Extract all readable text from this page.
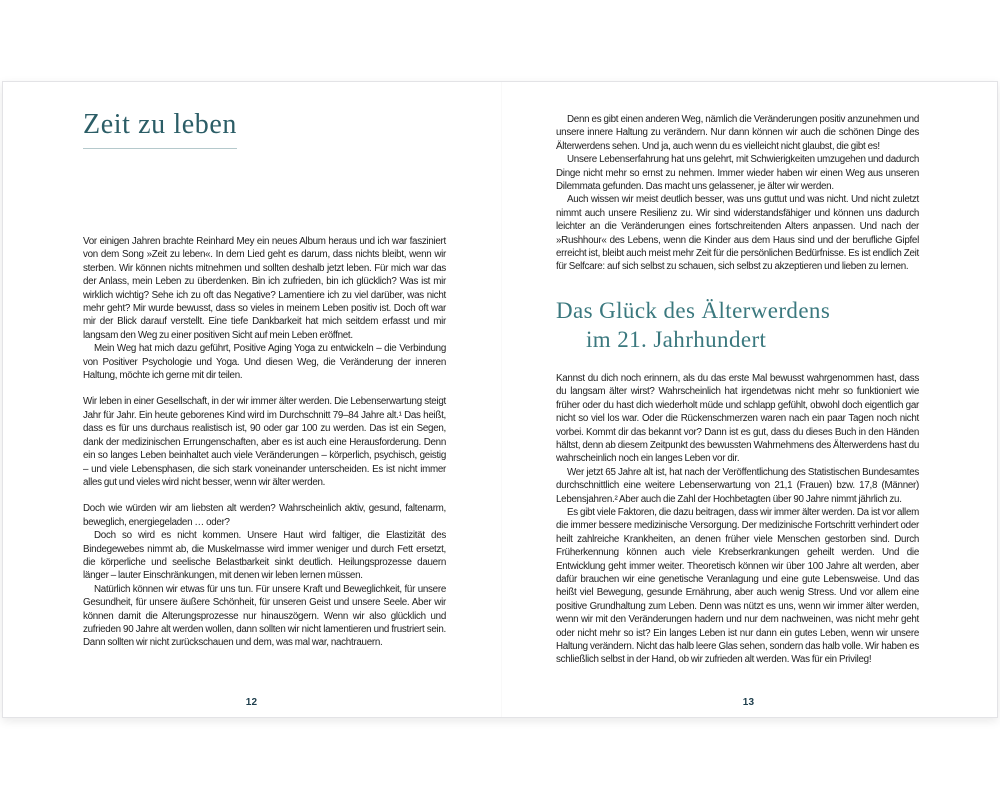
Zeit zu leben

Vor einigen Jahren brachte Reinhard Mey ein neues Album heraus und ich war fasziniert von dem Song »Zeit zu leben«. In dem Lied geht es darum, dass nichts bleibt, wenn wir sterben. Wir können nichts mitnehmen und sollten deshalb jetzt leben. Für mich war das der Anlass, mein Leben zu überdenken. Bin ich zufrieden, bin ich glücklich? Was ist mir wirklich wichtig? Sehe ich zu oft das Negative? Lamentiere ich zu viel darüber, was nicht mehr geht? Mir wurde bewusst, dass so vieles in meinem Leben positiv ist. Doch oft war mir der Blick darauf verstellt. Eine tiefe Dankbarkeit hat mich seitdem erfasst und mir langsam den Weg zu einer positiven Sicht auf mein Leben eröffnet.

Mein Weg hat mich dazu geführt, Positive Aging Yoga zu entwickeln – die Verbindung von Positiver Psychologie und Yoga. Und diesen Weg, die Veränderung der inneren Haltung, möchte ich gerne mit dir teilen.

Wir leben in einer Gesellschaft, in der wir immer älter werden. Die Lebenserwartung steigt Jahr für Jahr. Ein heute geborenes Kind wird im Durchschnitt 79–84 Jahre alt.¹ Das heißt, dass es für uns durchaus realistisch ist, 90 oder gar 100 zu werden. Das ist ein Segen, dank der medizinischen Errungenschaften, aber es ist auch eine Herausforderung. Denn ein so langes Leben beinhaltet auch viele Veränderungen – körperlich, psychisch, geistig – und viele Lebensphasen, die sich stark voneinander unterscheiden. Es ist nicht immer alles gut und vieles wird nicht besser, wenn wir älter werden.

Doch wie würden wir am liebsten alt werden? Wahrscheinlich aktiv, gesund, faltenarm, beweglich, energiegeladen … oder?

Doch so wird es nicht kommen. Unsere Haut wird faltiger, die Elastizität des Bindegewebes nimmt ab, die Muskelmasse wird immer weniger und durch Fett ersetzt, die körperliche und seelische Belastbarkeit sinkt deutlich. Heilungsprozesse dauern länger – lauter Einschränkungen, mit denen wir leben lernen müssen.

Natürlich können wir etwas für uns tun. Für unsere Kraft und Beweglichkeit, für unsere Gesundheit, für unsere äußere Schönheit, für unseren Geist und unsere Seele. Aber wir können damit die Alterungsprozesse nur hinauszögern. Wenn wir also glücklich und zufrieden 90 Jahre alt werden wollen, dann sollten wir nicht lamentieren und frustriert sein. Dann sollten wir nicht zurückschauen und dem, was mal war, nachtrauern.

12

Denn es gibt einen anderen Weg, nämlich die Veränderungen positiv anzunehmen und unsere innere Haltung zu verändern. Nur dann können wir auch die schönen Dinge des Älterwerdens sehen. Und ja, auch wenn du es vielleicht nicht glaubst, die gibt es!

Unsere Lebenserfahrung hat uns gelehrt, mit Schwierigkeiten umzugehen und dadurch Dinge nicht mehr so ernst zu nehmen. Immer wieder haben wir einen Weg aus unseren Dilemmata gefunden. Das macht uns gelassener, je älter wir werden.

Auch wissen wir meist deutlich besser, was uns guttut und was nicht. Und nicht zuletzt nimmt auch unsere Resilienz zu. Wir sind widerstandsfähiger und können uns dadurch leichter an die Veränderungen eines fortschreitenden Alters anpassen. Und nach der »Rushhour« des Lebens, wenn die Kinder aus dem Haus sind und der berufliche Gipfel erreicht ist, bleibt auch meist mehr Zeit für die persönlichen Bedürfnisse. Es ist endlich Zeit für Selfcare: auf sich selbst zu schauen, sich selbst zu akzeptieren und lieben zu lernen.

Das Glück des Älterwerdens
im 21. Jahrhundert

Kannst du dich noch erinnern, als du das erste Mal bewusst wahrgenommen hast, dass du langsam älter wirst? Wahrscheinlich hat irgendetwas nicht mehr so funktioniert wie früher oder du hast dich wiederholt müde und schlapp gefühlt, obwohl doch eigentlich gar nicht so viel los war. Oder die Rückenschmerzen waren nach ein paar Tagen noch nicht vorbei. Kommt dir das bekannt vor? Dann ist es gut, dass du dieses Buch in den Händen hältst, denn ab diesem Zeitpunkt des bewussten Wahrnehmens des Älterwerdens hast du wahrscheinlich noch ein langes Leben vor dir.

Wer jetzt 65 Jahre alt ist, hat nach der Veröffentlichung des Statistischen Bundesamtes durchschnittlich eine weitere Lebenserwartung von 21,1 (Frauen) bzw. 17,8 (Männer) Lebensjahren.² Aber auch die Zahl der Hochbetagten über 90 Jahre nimmt jährlich zu.

Es gibt viele Faktoren, die dazu beitragen, dass wir immer älter werden. Da ist vor allem die immer bessere medizinische Versorgung. Der medizinische Fortschritt verhindert oder heilt zahlreiche Krankheiten, an denen früher viele Menschen gestorben sind. Durch Früherkennung können auch viele Krebserkrankungen geheilt werden. Und die Entwicklung geht immer weiter. Theoretisch können wir über 100 Jahre alt werden, aber dafür brauchen wir eine genetische Veranlagung und eine gute Lebensweise. Und das heißt viel Bewegung, gesunde Ernährung, aber auch wenig Stress. Und vor allem eine positive Grundhaltung zum Leben. Denn was nützt es uns, wenn wir immer älter werden, wenn wir mit den Veränderungen hadern und nur dem nachweinen, was nicht mehr geht oder nicht mehr so ist? Ein langes Leben ist nur dann ein gutes Leben, wenn wir unsere Haltung verändern. Nicht das halb leere Glas sehen, sondern das halb volle. Wir haben es schließlich selbst in der Hand, ob wir zufrieden alt werden. Was für ein Privileg!

13
